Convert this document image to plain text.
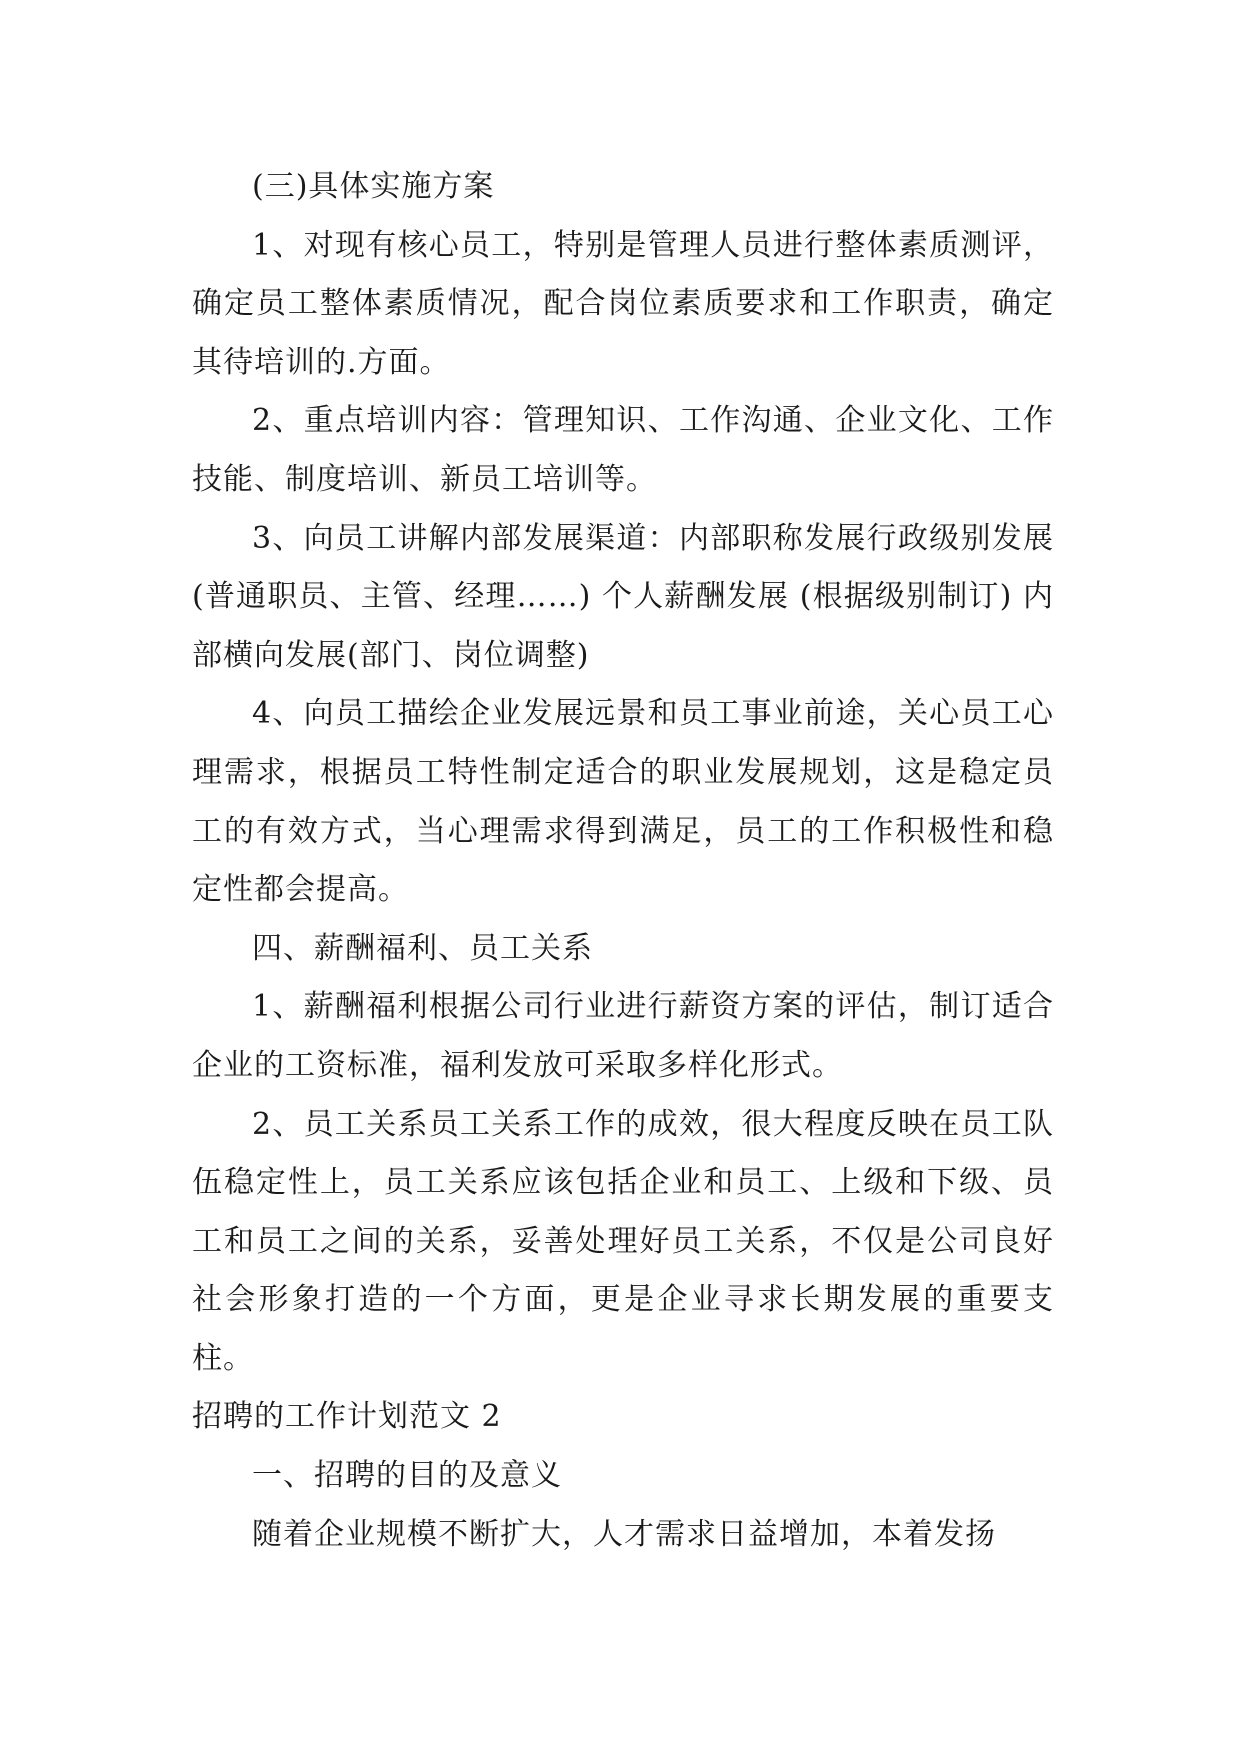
(三)具体实施方案

1、对现有核心员工，特别是管理人员进行整体素质测评，确定员工整体素质情况，配合岗位素质要求和工作职责，确定其待培训的.方面。

2、重点培训内容：管理知识、工作沟通、企业文化、工作技能、制度培训、新员工培训等。

3、向员工讲解内部发展渠道：内部职称发展行政级别发展(普通职员、主管、经理……) 个人薪酬发展 (根据级别制订) 内部横向发展(部门、岗位调整)

4、向员工描绘企业发展远景和员工事业前途，关心员工心理需求，根据员工特性制定适合的职业发展规划，这是稳定员工的有效方式，当心理需求得到满足，员工的工作积极性和稳定性都会提高。

四、薪酬福利、员工关系

1、薪酬福利根据公司行业进行薪资方案的评估，制订适合企业的工资标准，福利发放可采取多样化形式。

2、员工关系员工关系工作的成效，很大程度反映在员工队伍稳定性上，员工关系应该包括企业和员工、上级和下级、员工和员工之间的关系，妥善处理好员工关系，不仅是公司良好社会形象打造的一个方面，更是企业寻求长期发展的重要支柱。

招聘的工作计划范文 2

一、招聘的目的及意义

随着企业规模不断扩大，人才需求日益增加，本着发扬
